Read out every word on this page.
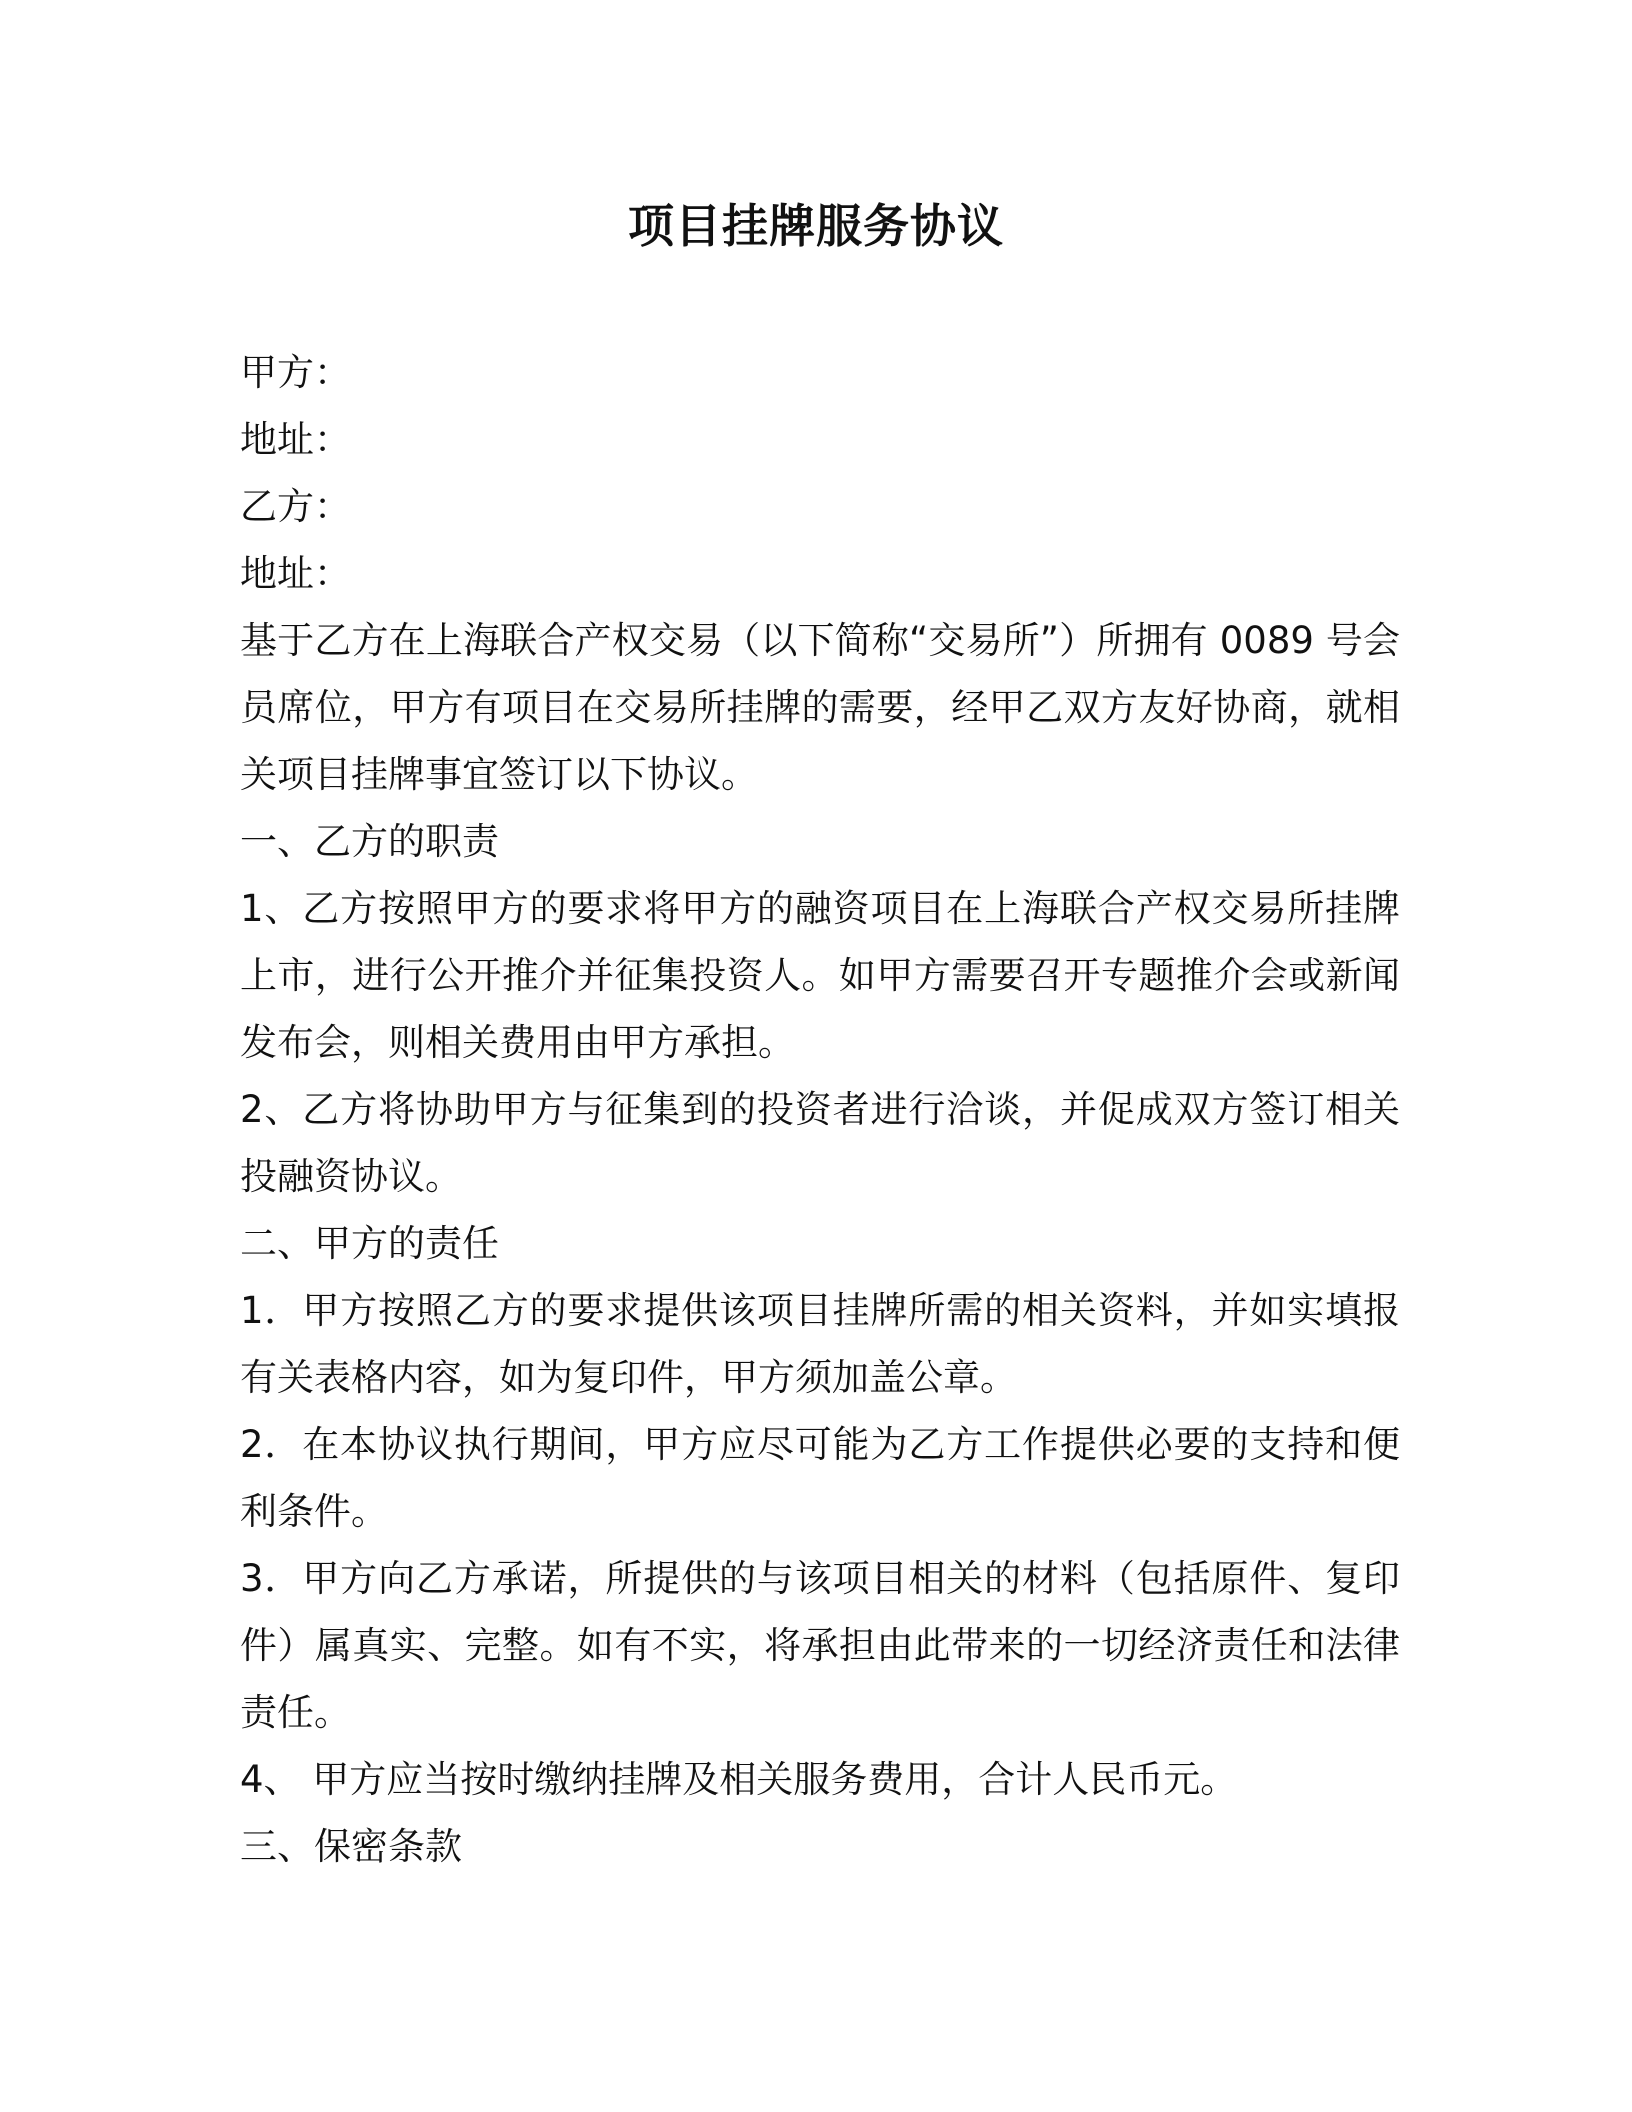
项目挂牌服务协议

甲方：

地址：

乙方：

地址：

基于乙方在上海联合产权交易（以下简称“交易所”）所拥有 0089 号会员席位，甲方有项目在交易所挂牌的需要，经甲乙双方友好协商，就相关项目挂牌事宜签订以下协议。

一、乙方的职责

1、乙方按照甲方的要求将甲方的融资项目在上海联合产权交易所挂牌上市，进行公开推介并征集投资人。如甲方需要召开专题推介会或新闻发布会，则相关费用由甲方承担。

2、乙方将协助甲方与征集到的投资者进行洽谈，并促成双方签订相关投融资协议。

二、甲方的责任

1．甲方按照乙方的要求提供该项目挂牌所需的相关资料，并如实填报有关表格内容，如为复印件，甲方须加盖公章。

2．在本协议执行期间，甲方应尽可能为乙方工作提供必要的支持和便利条件。

3．甲方向乙方承诺，所提供的与该项目相关的材料（包括原件、复印件）属真实、完整。如有不实，将承担由此带来的一切经济责任和法律责任。

4、 甲方应当按时缴纳挂牌及相关服务费用，合计人民币元。

三、保密条款
